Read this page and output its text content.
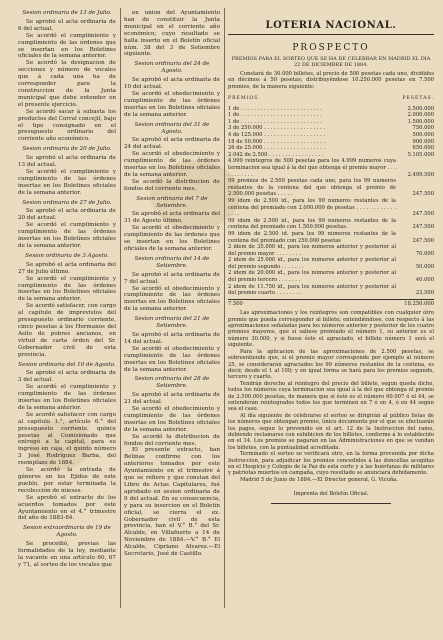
Sesion ordinaria de 13 de Julio.

Se aprobó el acta ordinaria de 6 del actual.

Se acordó el cumplimiento y cumplimiento de las órdenes que se insertan en los Boletines oficiales de la semana anterior.

Se acordó la designacion de secciones y número de vocales que á cada una ha de corresponder para la construccion de la Junta municipal que debe entender en el presente ejercicio.

Se acordó sacar á subasta los productos del Corral concejil, bajo el tipo consignado en el presupuesto ordinario del corriente año económico.

Sesion ordinaria de 20 de Julio.

Se aprobó el acta ordinaria de 13 del actual.

Se acordó el cumplimiento y cumplimiento de las órdenes insertas en los Boletines oficiales de la semana anterior.

Sesion ordinaria de 27 de Julio.

Se aprobó el acta ordinaria de 20 del actual.

Se acordó el cumplimiento y cumplimiento de las órdenes insertas en los Boletines oficiales de la semana anterior.

Sesion ordinaria de 3 Agosto.

Se aprobó el acta ordinaria del 27 de Julio último.

Se acordó el cumplimiento y cumplimiento de las órdenes insertas en los Boletines oficiales de la semana anterior.

Se acordó satisfacer, con cargo al capítulo de imprevistos del presupuesto ordinario corriente, cinco pesetas á los Hermanos del Asilo de pobres ancianos, en virtud de carta órden del Sr. Gobernador civil de esta provincia.

Sesion ordinaria del 10 de Agosto.

Se aprobó el acta ordinaria de 3 del actual.

Se acordó el cumplimiento y cumplimiento de las órdenes insertas en los Boletines oficiales de la semana anterior.

Se acordó satisfacer con cargo al capítulo 1.°, artículo 6.° del presupuesto corriente, quince pesetas al Comisionado que entregó a la capital, para su ingreso en caja, el quinto número 3 José Rodríguez Barba, del reemplazo de 1884.

Se acordó la entrada de géneros en los Ejidos de este pueblo, por estar terminada la recolección de mieses.

Se aprobó el extracto de los acuerdos tomados por este Ayuntamiento en el 4.° trimestre del año de 1883-84.

Sesion extraordinaria de 19 de Agosto.

Se procedió, previas las formalidades de la ley, mediante la vacante en una artículo 60, 67 y 71, al sorteo de los vocales que

en union del Ayuntamiento han de constituir la Junta municipal en el corriente año económico; cuyo resultado se halla inserto en el Boletín oficial núm. 38 del 3 de Setiembre siguiente.

Sesion ordinaria del 24 de Agosto.

Se aprobó el acta ordinaria de 10 del actual.

Se acordó el obedecimiento y cumplimiento de las órdenes insertas en los Boletines oficiales de la semana anterior.

Sesion ordinaria del 31 de Agosto.

Se aprobó el acta ordinaria de 24 del actual.

Se acordó el obedecimiento y cumplimiento de las órdenes insertas en los Boletines oficiales de la semana anterior.

Se acordó la distribucion de fondos del corriente mes.

Sesion ordinaria del 7 de Setiembre.

Se aprobó el acta ordinaria del 31 de Agosto último.

Se acordó el obedecimiento y cumplimiento de las órdenes que se insertan en los Boletines oficiales de la semana anterior.

Sesion ordinaria del 14 de Setiembre.

Se aprobó el acta ordinaria de 7 del actual.

Se acordó el obedecimiento y cumplimiento de las órdenes insertas en los Boletines oficiales de la semana anterior.

Sesion ordinaria del 21 de Setiembre.

Se aprobó el acta ordinaria de 14 del actual.

Se acordó el obedecimiento y cumplimiento de las órdenes insertas en los Boletines oficiales de la semana anterior.

Sesion ordinaria del 28 de Setiembre.

Se aprobó el acta ordinaria de 21 del actual.

Se acordó el obedecimiento y cumplimiento de las órdenes insertas en los Boletines oficiales de la semana anterior.

Se acordó la distribucion de fondos del corriente mes.

El presente extracto, han Belinas confirme con los anteriores tomados por este Ayuntamiento en el trimestre á que se refiere y que constan del Libro de Actas Capitulares, fué aprobado en sesion ordinaria de 9 del actual. En su consecuencia, y para su insercion en el Boletín oficial, se cierra el ex. Gobernador civil de esta provincia, han el V.° B.° del Sr. Alcalde, en Villafuerte a 14 de Noviembre de 1884.—V.° B.° El Alcalde, Cipriano Alvarez.—El Secretario, José de Castillo.

LOTERIA NACIONAL.
PROSPECTO
PREMIOS PARA EL SORTEO QUE SE HA DE CELEBRAR EN MADRID EL DIA 22 DE DICIEMBRE DE 1884.

Constará de 30.000 billetes, al precio de 500 pesetas cada uno, divididos en décimos á 50 pesetas; distribuyéndose 10.250.000 pesetas en 7.500 premios, de la manera siguiente:

PREMIOS.	PESETAS.
1 de . . . . . . . . . . . . . . . . . . . . . . . . .	2.500.000
1 de . . . . . . . . . . . . . . . . . . . . . . . . .	2.000.000
1 de . . . . . . . . . . . . . . . . . . . . . . . . .	1.500.000
3 de 250.000 . . . . . . . . . . . . . . . . . . .	750.000
4 de 125.000 . . . . . . . . . . . . . . . . . . .	500.000
18 de 50.000 . . . . . . . . . . . . . . . . . . .	900.000
26 de 25.000 . . . . . . . . . . . . . . . . . . .	650.000
2.042 de 2.500 . . . . . . . . . . . . . . . . .	5.105.000
4.999 reintegros de 500 pesetas para los 4.999 números cuya terminacion sea igual á la del que obtenga el premio mayor . . . . . . . . . . .	2.499.500
99 premios de 2.500 pesetas cada uno, para los 99 números restantes de la centena del que obtenga el premio de 2.500.000 pesetas . . . . .	247.500
99 idem de 2.500 id., para los 99 números restantes de la centena del premiado con 2.000.000 de pesetas . . . . . . . . . . . . . . . .	247.500
99 idem de 2.500 id., para los 99 números restantes de la centena del premiado con 1.500.000 pesetas.	247.500
99 idem de 2.500 id. para los 99 números restantes de la centena del premiado con 250.000 pesetas	247.500
2 idem de 35.000 id., para los números anterior y posterior al del premio mayor . . . . . . . .	70.000
2 idem de 25.000 id., para los números anterior y posterior al del premio segundo . . . . . . .	50.000
2 idem de 20.000 id., para los números anterior y posterior al del premio tercero . . . . . . .	40.000
2 idem de 11.750 id., para los números anterior y posterior al del premio cuarto . . . . . . . .	23.500
7.500	18.250.000

Las aproximaciones y los reintegros son compatibles con cualquier otro premio que pueda corresponder al billete; entendiéndose, con respecto á las aproximaciones señaladas para los números anterior y posterior de los cuatro premios mayores, que si saliese premiado el número 1, su anterior es el número 30.000, y si fuese éste el agraciado, el billete número 1 será el siguiente.

Para la aplicacion de las aproximaciones de 2.500 pesetas, se sobreentiende que, si el premio mayor corresponde por ejemplo al número 25, se considerarán agraciados los 99 números restantes de la centena, es decir, desde el 1 al 100; y en igual forma se hará para los premios segundo, tercero y cuarto.

Tendrán derecho al reintegro del precio del billete, segun queda dicho, todos los números cuya terminacion sea igual á la del que obtenga el premio de 2.500.000 pesetas, de manera que si éste es el número 60.007 ó el 44, se entenderán reintegrados todos los que terminen en 7 ó en 4, ó en 44 según sea el caso.

Al día siguiente de celebrarse el sorteo se dirigirán al público listas de los números que obtengan premio, único documento por el que se efectuarán los pagos, segun lo prevenido en el art. 12 de la Instruccion del ramo, debiendo reclamarse con exhibicion de los billetes, conforme á lo establecido en el 14. Los premios se pagarán en las Administraciones en que se vendan los billetes, con la puntualidad acreditada.

Terminado el sorteo se verificará otro, en la forma prevenida por dicha Instruccion, para adjudicar los premios concedidos á las doncellas acogidas en el Hospicio y Colegio de la Paz de esta corte y á las huérfanas de militares y patriotas muertos en campaña, cuyo resultado se anunciará debidamente.

Madrid 5 de Junio de 1884.—El Director general, G. Vicuña.

Imprenta del Boletín Oficial.
